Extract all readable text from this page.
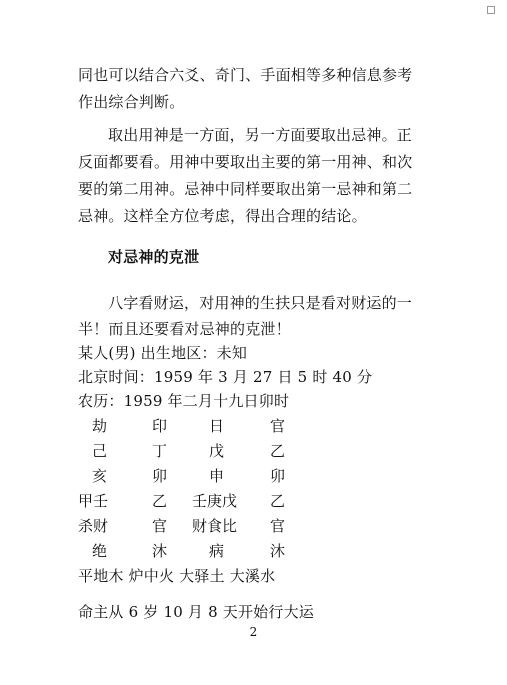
同也可以结合六爻、奇门、手面相等多种信息参考
作出综合判断。
取出用神是一方面，另一方面要取出忌神。正
反面都要看。用神中要取出主要的第一用神、和次
要的第二用神。忌神中同样要取出第一忌神和第二
忌神。这样全方位考虑，得出合理的结论。
对忌神的克泄
八字看财运，对用神的生扶只是看对财运的一
半！而且还要看对忌神的克泄！
某人(男) 出生地区：未知
北京时间：1959 年 3 月 27 日 5 时 40 分
农历：1959 年二月十九日卯时
劫	印	日	官
己	丁	戊	乙
亥	卯	申	卯
甲壬	乙 壬庚戊 乙
杀财	官 财食比 官
绝	沐	病	沐
平地木 炉中火 大驿土 大溪水
命主从 6 岁 10 月 8 天开始行大运
2
